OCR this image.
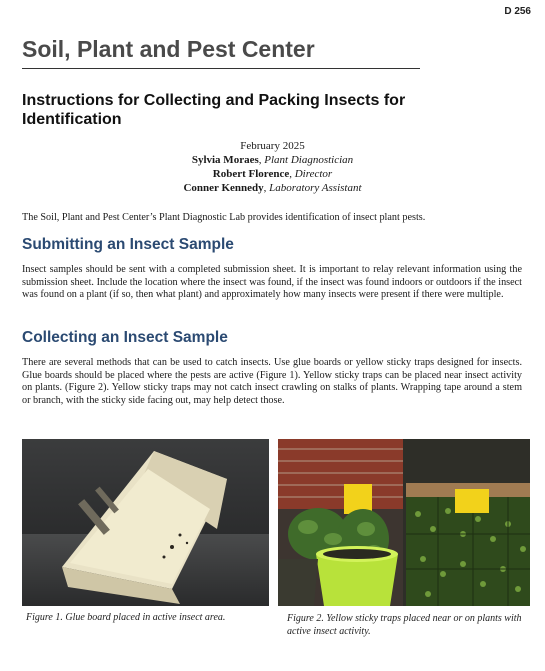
D 256
Soil, Plant and Pest Center
Instructions for Collecting and Packing Insects for Identification
February 2025
Sylvia Moraes, Plant Diagnostician
Robert Florence, Director
Conner Kennedy, Laboratory Assistant
The Soil, Plant and Pest Center’s Plant Diagnostic Lab provides identification of insect plant pests.
Submitting an Insect Sample
Insect samples should be sent with a completed submission sheet. It is important to relay relevant information using the submission sheet. Include the location where the insect was found, if the insect was found indoors or outdoors if the insect was found on a plant (if so, then what plant) and approximately how many insects were present if there were multiple.
Collecting an Insect Sample
There are several methods that can be used to catch insects. Use glue boards or yellow sticky traps designed for insects. Glue boards should be placed where the pests are active (Figure 1). Yellow sticky traps can be placed near insect activity on plants. (Figure 2). Yellow sticky traps may not catch insect crawling on stalks of plants. Wrapping tape around a stem or branch, with the sticky side facing out, may help detect those.
Figure 1. Glue board placed in active insect area.	Figure 2. Yellow sticky traps placed near or on plants with active insect activity.
